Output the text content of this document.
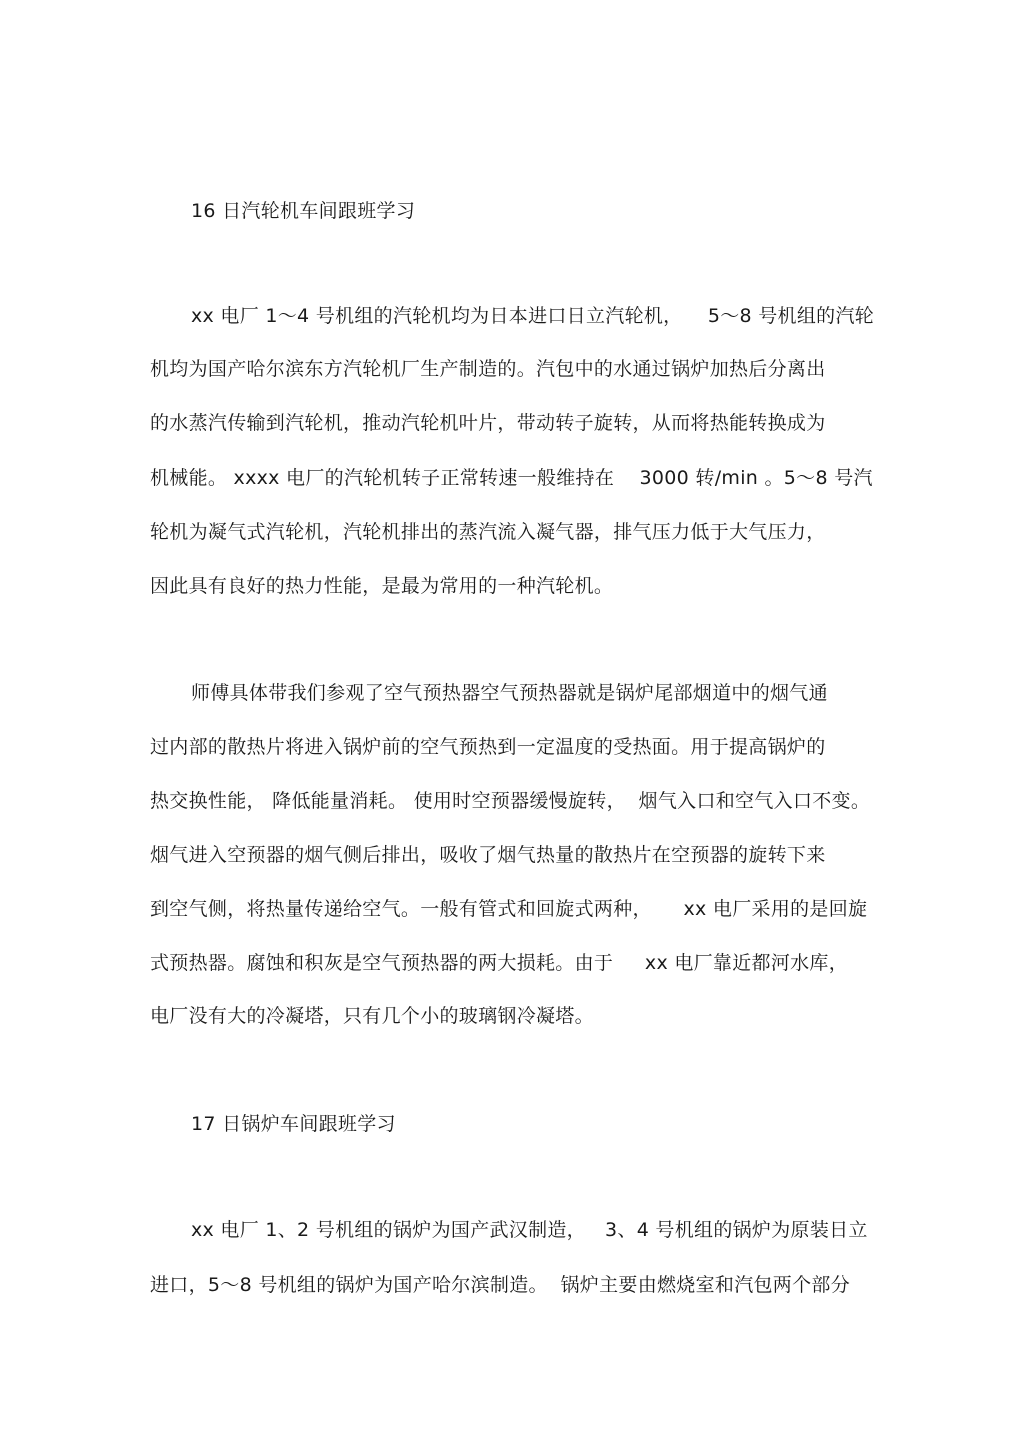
16 日汽轮机车间跟班学习
xx 电厂 1～4 号机组的汽轮机均为日本进口日立汽轮机，    5～8 号机组的汽轮
机均为国产哈尔滨东方汽轮机厂生产制造的。汽包中的水通过锅炉加热后分离出
的水蒸汽传输到汽轮机，推动汽轮机叶片，带动转子旋转，从而将热能转换成为
机械能。 xxxx 电厂的汽轮机转子正常转速一般维持在    3000 转/min 。5～8 号汽
轮机为凝气式汽轮机，汽轮机排出的蒸汽流入凝气器，排气压力低于大气压力，
因此具有良好的热力性能，是最为常用的一种汽轮机。
师傅具体带我们参观了空气预热器空气预热器就是锅炉尾部烟道中的烟气通
过内部的散热片将进入锅炉前的空气预热到一定温度的受热面。用于提高锅炉的
热交换性能， 降低能量消耗。 使用时空预器缓慢旋转，  烟气入口和空气入口不变。
烟气进入空预器的烟气侧后排出，吸收了烟气热量的散热片在空预器的旋转下来
到空气侧，将热量传递给空气。一般有管式和回旋式两种，     xx 电厂采用的是回旋
式预热器。腐蚀和积灰是空气预热器的两大损耗。由于     xx 电厂靠近都河水库，
电厂没有大的冷凝塔，只有几个小的玻璃钢冷凝塔。
17 日锅炉车间跟班学习
xx 电厂 1、2 号机组的锅炉为国产武汉制造，   3、4 号机组的锅炉为原装日立
进口，5～8 号机组的锅炉为国产哈尔滨制造。  锅炉主要由燃烧室和汽包两个部分
